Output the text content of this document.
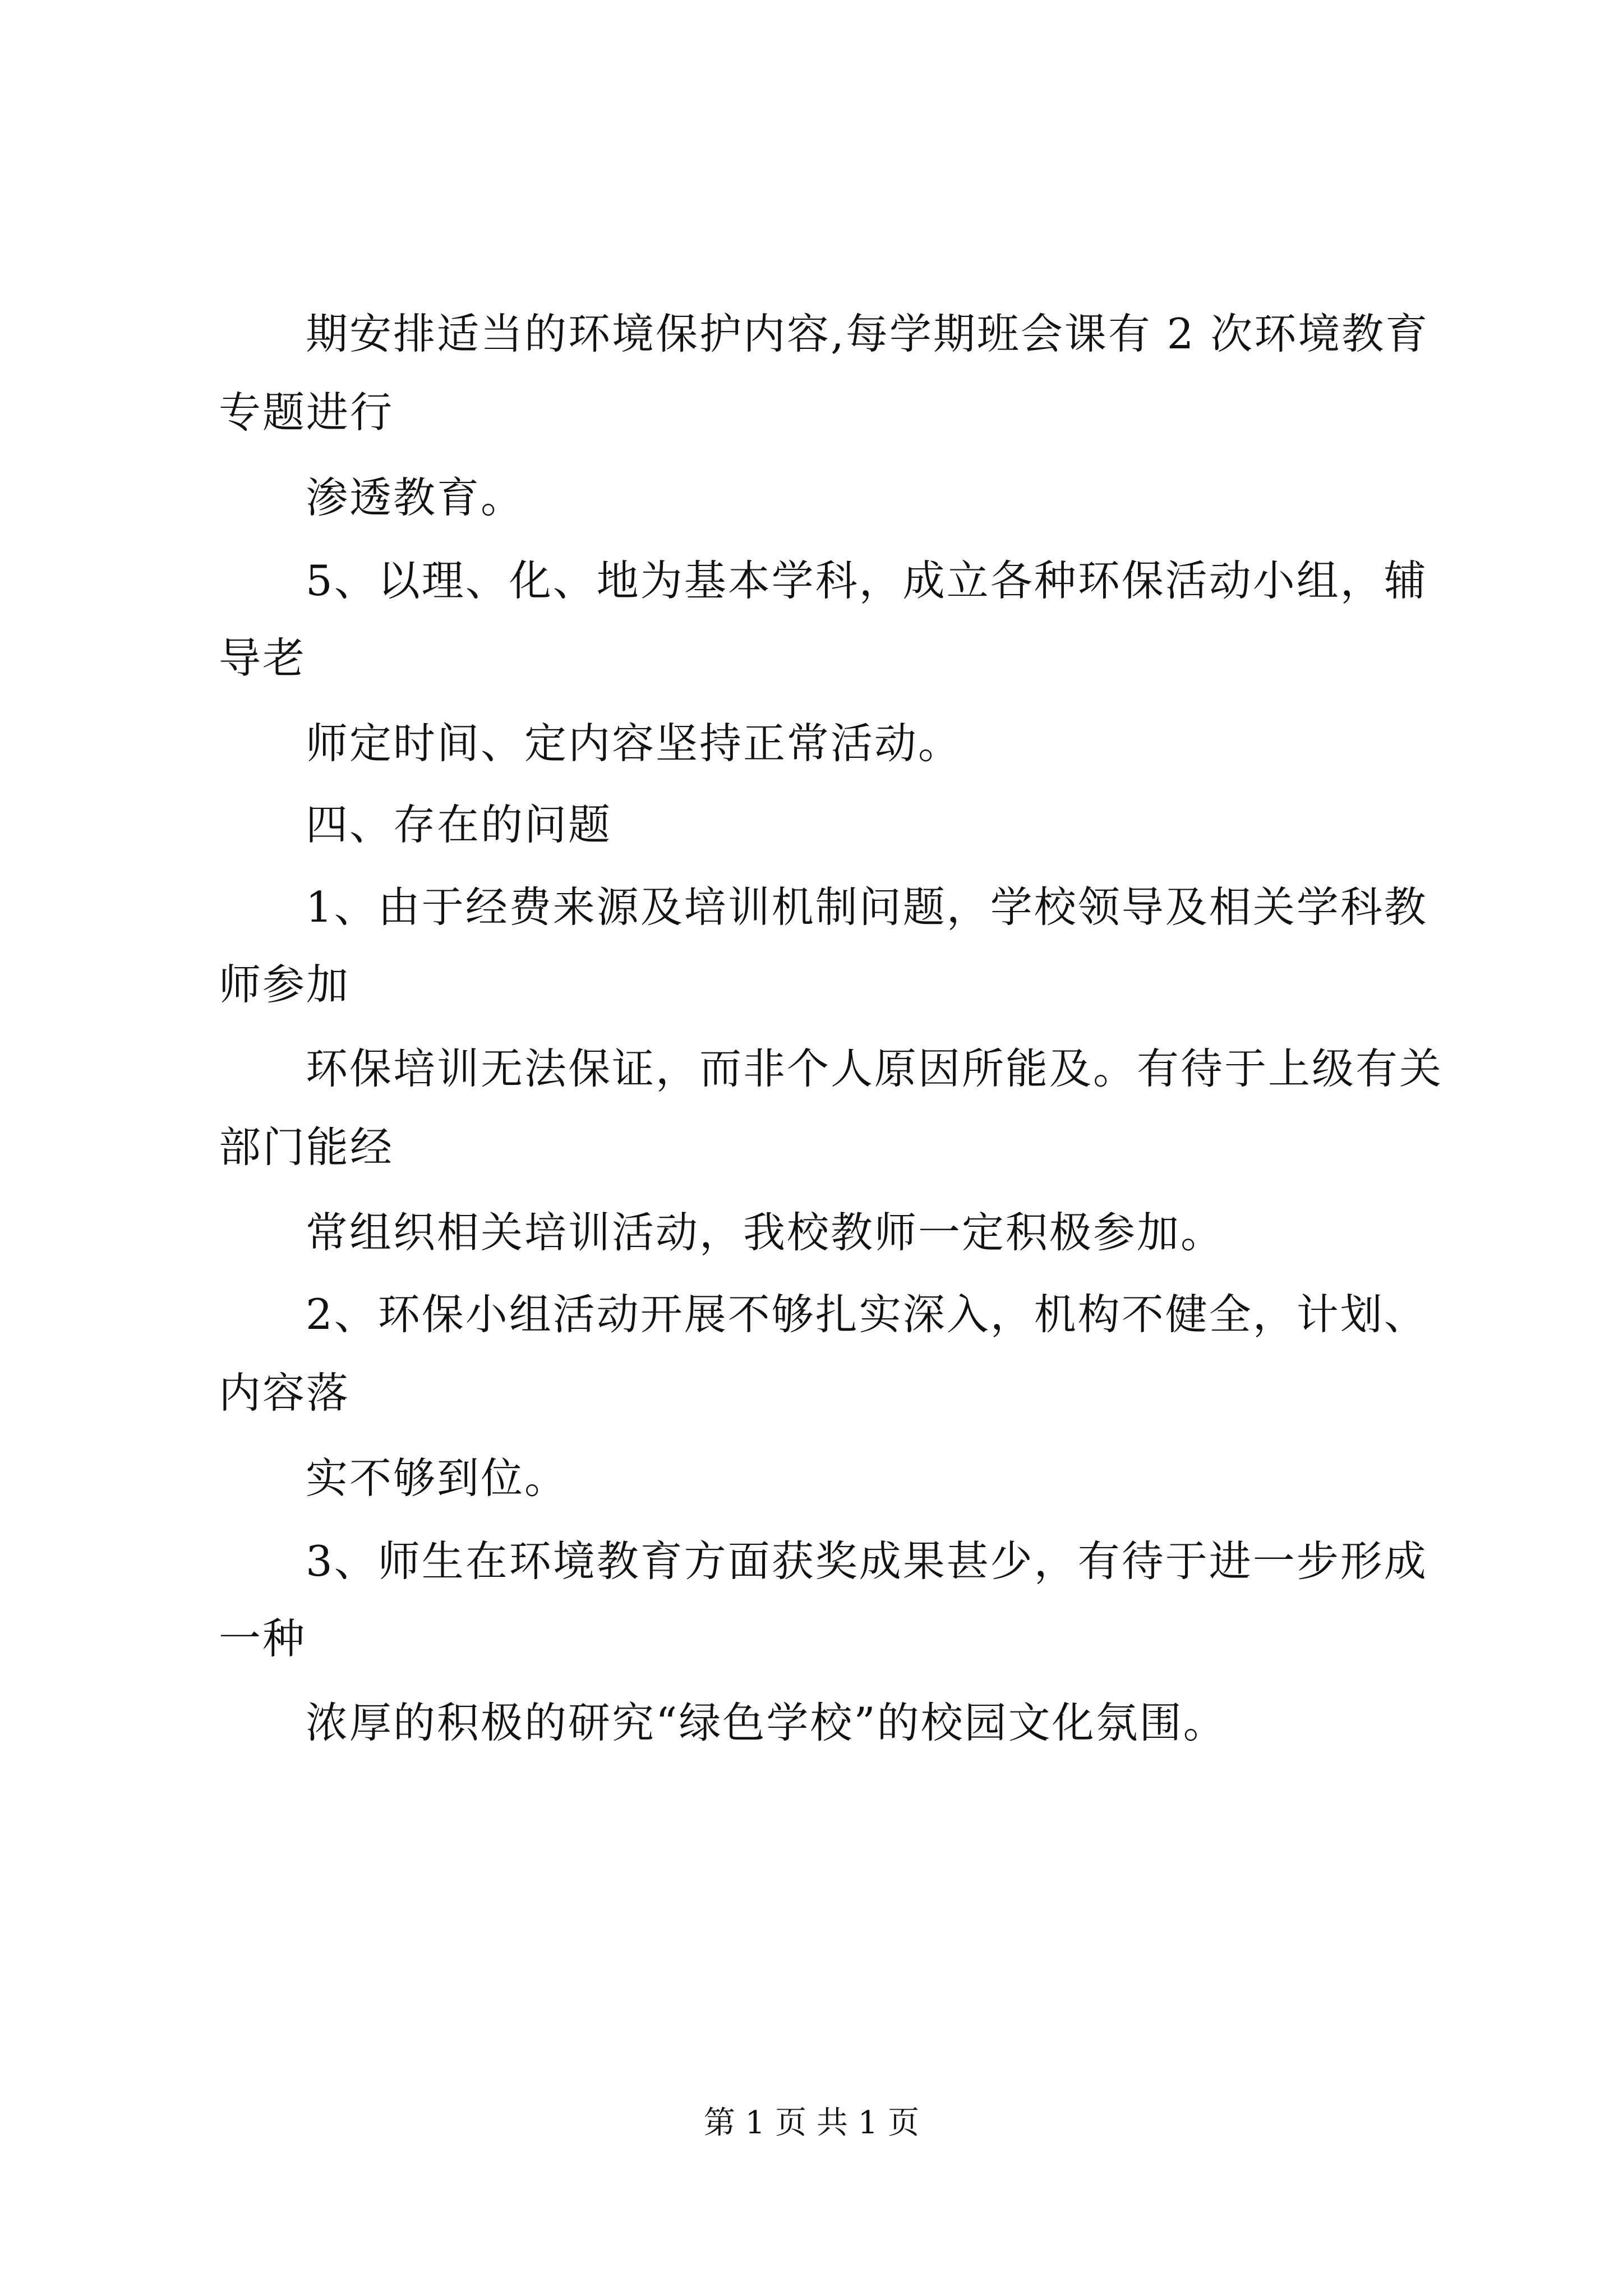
期安排适当的环境保护内容,每学期班会课有 2 次环境教育
专题进行
渗透教育。
5、以理、化、地为基本学科，成立各种环保活动小组，辅
导老
师定时间、定内容坚持正常活动。
四、存在的问题
1、由于经费来源及培训机制问题，学校领导及相关学科教
师参加
环保培训无法保证，而非个人原因所能及。有待于上级有关
部门能经
常组织相关培训活动，我校教师一定积极参加。
2、环保小组活动开展不够扎实深入，机构不健全，计划、
内容落
实不够到位。
3、师生在环境教育方面获奖成果甚少，有待于进一步形成
一种
浓厚的积极的研究“绿色学校”的校园文化氛围。
第 1 页 共 1 页
